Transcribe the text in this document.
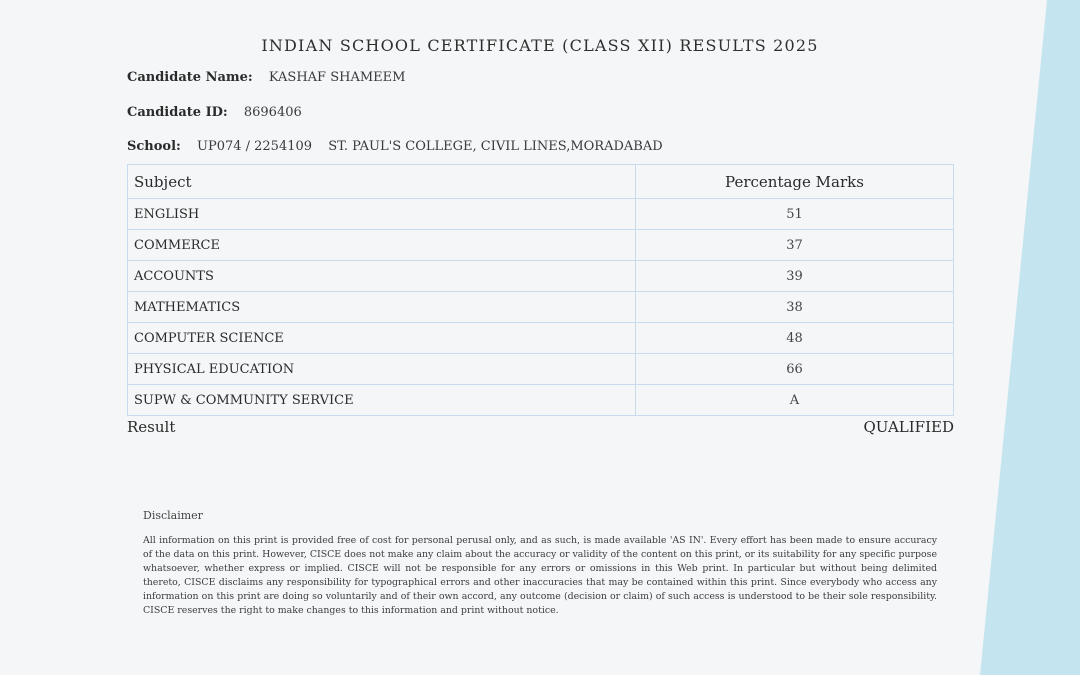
INDIAN SCHOOL CERTIFICATE (CLASS XII) RESULTS 2025
Candidate Name: KASHAF SHAMEEM
Candidate ID: 8696406
School: UP074 / 2254109 ST. PAUL'S COLLEGE, CIVIL LINES,MORADABAD
Subject	Percentage Marks
ENGLISH	51
COMMERCE	37
ACCOUNTS	39
MATHEMATICS	38
COMPUTER SCIENCE	48
PHYSICAL EDUCATION	66
SUPW & COMMUNITY SERVICE	A
Result	QUALIFIED
Disclaimer
All information on this print is provided free of cost for personal perusal only, and as such, is made available 'AS IN'. Every effort has been made to ensure accuracy of the data on this print. However, CISCE does not make any claim about the accuracy or validity of the content on this print, or its suitability for any specific purpose whatsoever, whether express or implied. CISCE will not be responsible for any errors or omissions in this Web print. In particular but without being delimited thereto, CISCE disclaims any responsibility for typographical errors and other inaccuracies that may be contained within this print. Since everybody who access any information on this print are doing so voluntarily and of their own accord, any outcome (decision or claim) of such access is understood to be their sole responsibility. CISCE reserves the right to make changes to this information and print without notice.
